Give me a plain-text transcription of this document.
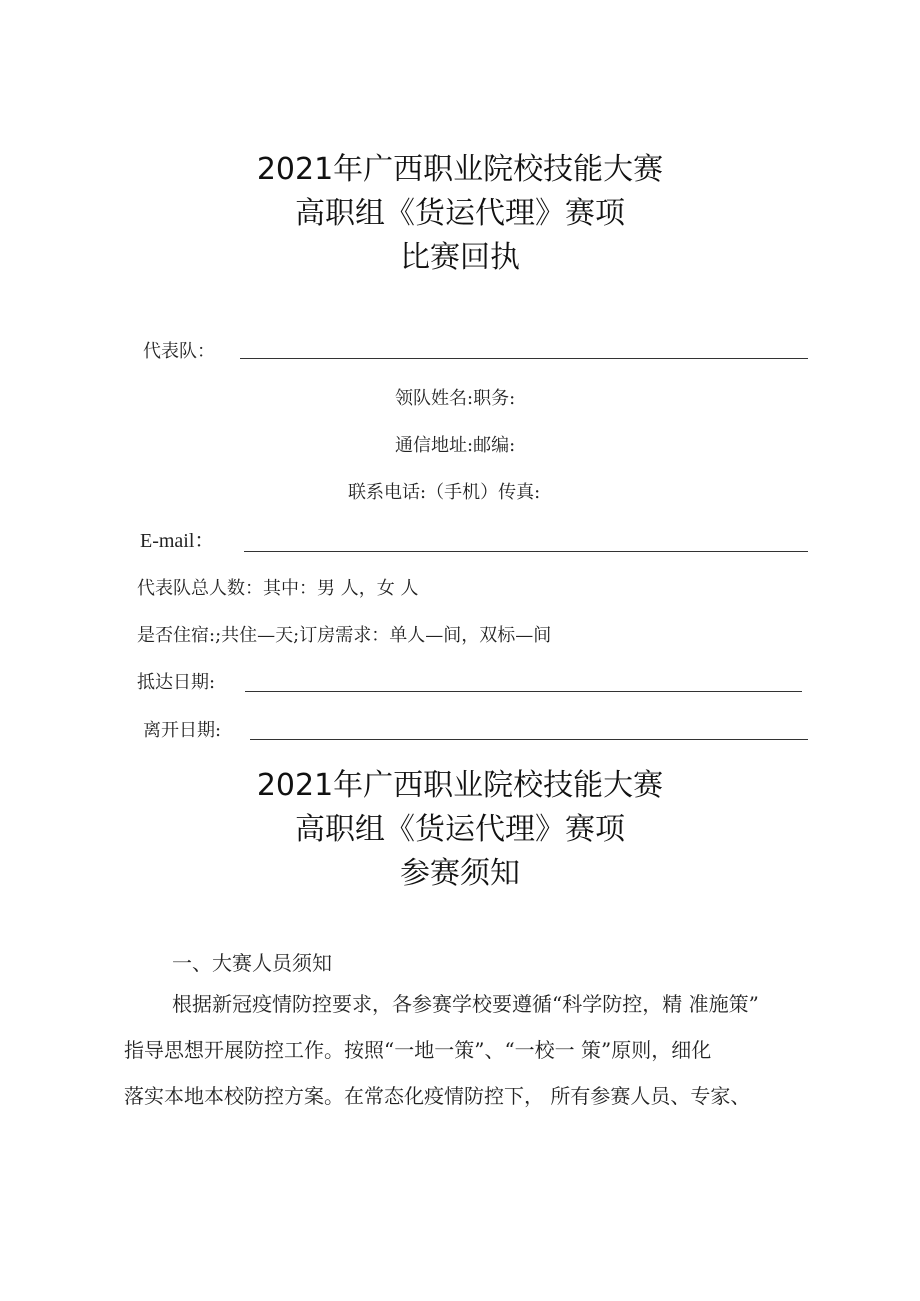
2021年广西职业院校技能大赛
高职组《货运代理》赛项
比赛回执
代表队：
领队姓名:职务:
通信地址:邮编:
联系电话:（手机）传真:
E-mail：
代表队总人数：其中：男 人，女 人
是否住宿:;共住—天;订房需求：单人—间，双标—间
抵达日期:
离开日期:
2021年广西职业院校技能大赛
高职组《货运代理》赛项
参赛须知
一、大赛人员须知
根据新冠疫情防控要求，各参赛学校要遵循“科学防控，精 准施策”
指导思想开展防控工作。按照“一地一策”、“一校一 策”原则，细化
落实本地本校防控方案。在常态化疫情防控下， 所有参赛人员、专家、
